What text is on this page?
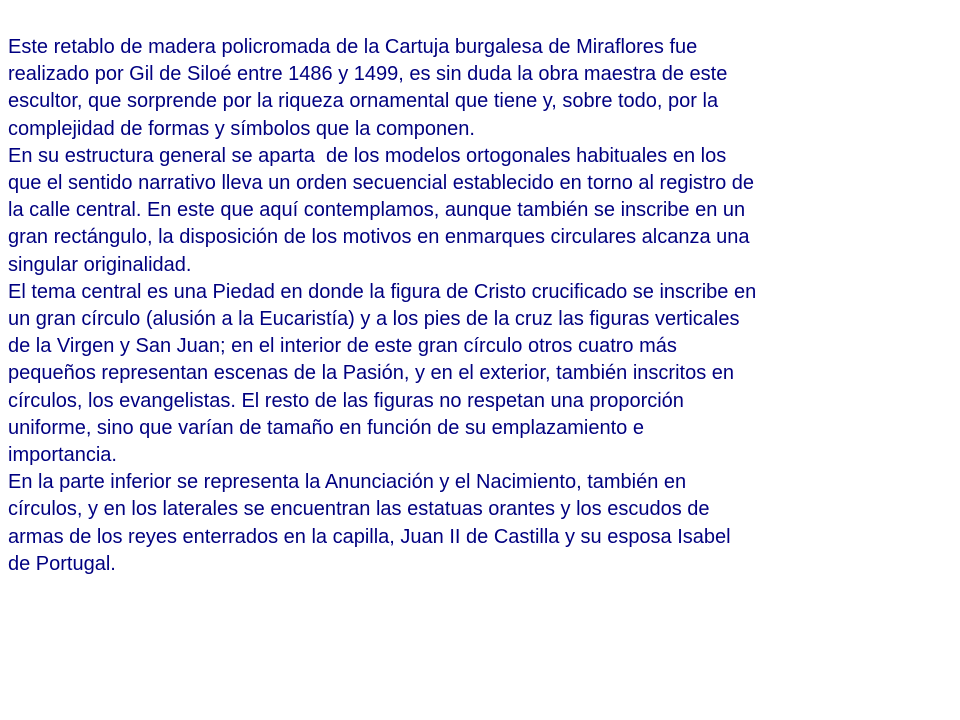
Este retablo de madera policromada de la Cartuja burgalesa de Miraflores fue
realizado por Gil de Siloé entre 1486 y 1499, es sin duda la obra maestra de este
escultor, que sorprende por la riqueza ornamental que tiene y, sobre todo, por la
complejidad de formas y símbolos que la componen.
En su estructura general se aparta  de los modelos ortogonales habituales en los
que el sentido narrativo lleva un orden secuencial establecido en torno al registro de
la calle central. En este que aquí contemplamos, aunque también se inscribe en un
gran rectángulo, la disposición de los motivos en enmarques circulares alcanza una
singular originalidad.
El tema central es una Piedad en donde la figura de Cristo crucificado se inscribe en
un gran círculo (alusión a la Eucaristía) y a los pies de la cruz las figuras verticales
de la Virgen y San Juan; en el interior de este gran círculo otros cuatro más
pequeños representan escenas de la Pasión, y en el exterior, también inscritos en
círculos, los evangelistas. El resto de las figuras no respetan una proporción
uniforme, sino que varían de tamaño en función de su emplazamiento e
importancia.
En la parte inferior se representa la Anunciación y el Nacimiento, también en
círculos, y en los laterales se encuentran las estatuas orantes y los escudos de
armas de los reyes enterrados en la capilla, Juan II de Castilla y su esposa Isabel
de Portugal.
